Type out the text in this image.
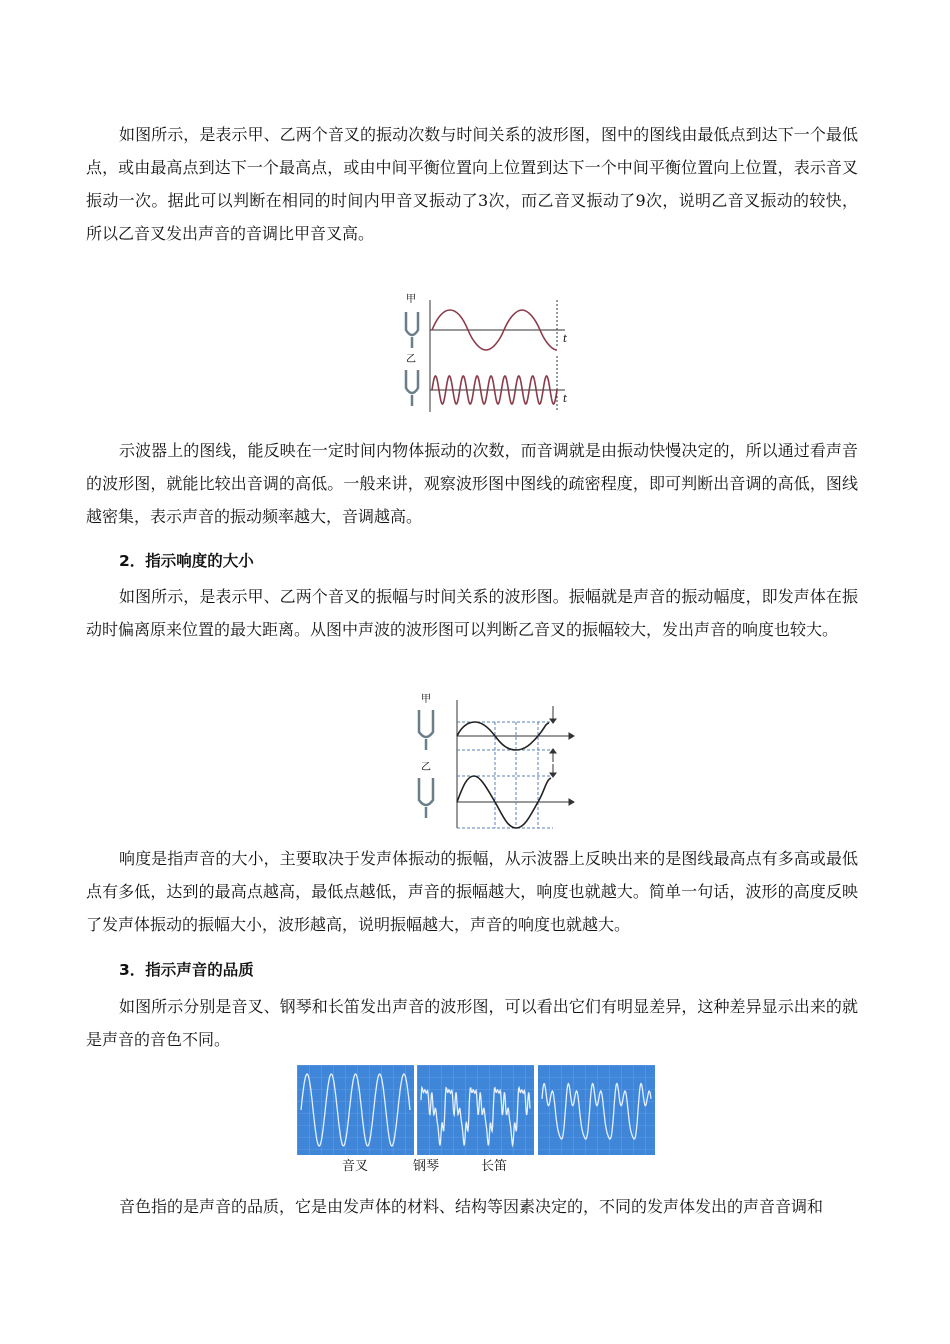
如图所示，是表示甲、乙两个音叉的振动次数与时间关系的波形图，图中的图线由最低点到达下一个最低点，或由最高点到达下一个最高点，或由中间平衡位置向上位置到达下一个中间平衡位置向上位置，表示音叉振动一次。据此可以判断在相同的时间内甲音叉振动了3次，而乙音叉振动了9次，说明乙音叉振动的较快，所以乙音叉发出声音的音调比甲音叉高。

甲
乙
t
t

示波器上的图线，能反映在一定时间内物体振动的次数，而音调就是由振动快慢决定的，所以通过看声音的波形图，就能比较出音调的高低。一般来讲，观察波形图中图线的疏密程度，即可判断出音调的高低，图线越密集，表示声音的振动频率越大，音调越高。

2．指示响度的大小

如图所示，是表示甲、乙两个音叉的振幅与时间关系的波形图。振幅就是声音的振动幅度，即发声体在振动时偏离原来位置的最大距离。从图中声波的波形图可以判断乙音叉的振幅较大，发出声音的响度也较大。

甲
乙

响度是指声音的大小，主要取决于发声体振动的振幅，从示波器上反映出来的是图线最高点有多高或最低点有多低，达到的最高点越高，最低点越低，声音的振幅越大，响度也就越大。简单一句话，波形的高度反映了发声体振动的振幅大小，波形越高，说明振幅越大，声音的响度也就越大。

3．指示声音的品质

如图所示分别是音叉、钢琴和长笛发出声音的波形图，可以看出它们有明显差异，这种差异显示出来的就是声音的音色不同。

音叉	钢琴	长笛

音色指的是声音的品质，它是由发声体的材料、结构等因素决定的，不同的发声体发出的声音音调和
